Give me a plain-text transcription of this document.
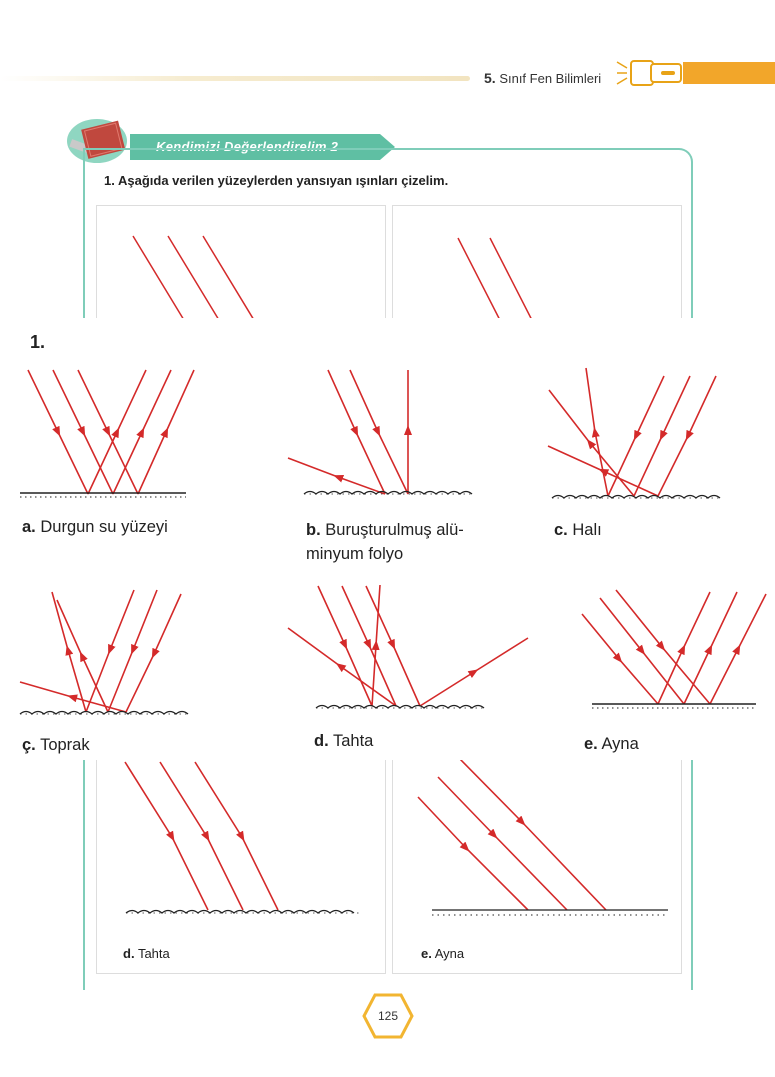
5. Sınıf Fen Bilimleri
Kendimizi Değerlendirelim 2
1. Aşağıda verilen yüzeylerden yansıyan ışınları çizelim.
d. Tahta	e. Ayna
1.
a. Durgun su yüzeyi	b. Buruşturulmuş alü-
minyum folyo
c. Halı
ç. Toprak	d. Tahta	e. Ayna
125
